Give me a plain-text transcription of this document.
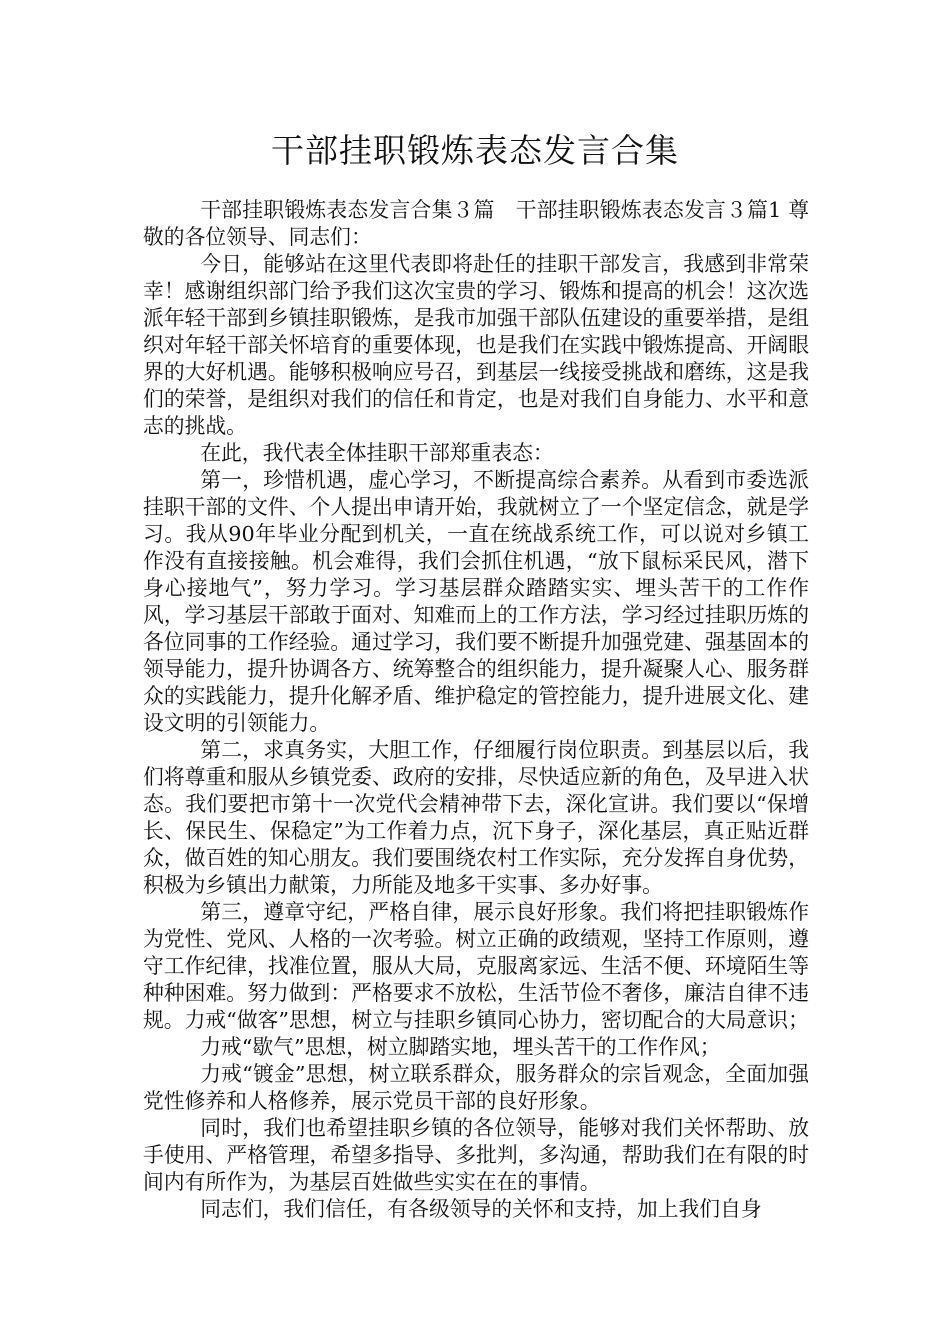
干部挂职锻炼表态发言合集

干部挂职锻炼表态发言合集３篇　干部挂职锻炼表态发言３篇1 尊敬的各位领导、同志们：

今日，能够站在这里代表即将赴任的挂职干部发言，我感到非常荣幸！感谢组织部门给予我们这次宝贵的学习、锻炼和提高的机会！这次选派年轻干部到乡镇挂职锻炼，是我市加强干部队伍建设的重要举措，是组织对年轻干部关怀培育的重要体现，也是我们在实践中锻炼提高、开阔眼界的大好机遇。能够积极响应号召，到基层一线接受挑战和磨练，这是我们的荣誉，是组织对我们的信任和肯定，也是对我们自身能力、水平和意志的挑战。

在此，我代表全体挂职干部郑重表态：

第一，珍惜机遇，虚心学习，不断提高综合素养。从看到市委选派挂职干部的文件、个人提出申请开始，我就树立了一个坚定信念，就是学习。我从90年毕业分配到机关，一直在统战系统工作，可以说对乡镇工作没有直接接触。机会难得，我们会抓住机遇，“放下鼠标采民风，潜下身心接地气”，努力学习。学习基层群众踏踏实实、埋头苦干的工作作风，学习基层干部敢于面对、知难而上的工作方法，学习经过挂职历炼的各位同事的工作经验。通过学习，我们要不断提升加强党建、强基固本的领导能力，提升协调各方、统筹整合的组织能力，提升凝聚人心、服务群众的实践能力，提升化解矛盾、维护稳定的管控能力，提升进展文化、建设文明的引领能力。

第二，求真务实，大胆工作，仔细履行岗位职责。到基层以后，我们将尊重和服从乡镇党委、政府的安排，尽快适应新的角色，及早进入状态。我们要把市第十一次党代会精神带下去，深化宣讲。我们要以“保增长、保民生、保稳定”为工作着力点，沉下身子，深化基层，真正贴近群众，做百姓的知心朋友。我们要围绕农村工作实际，充分发挥自身优势，积极为乡镇出力献策，力所能及地多干实事、多办好事。

第三，遵章守纪，严格自律，展示良好形象。我们将把挂职锻炼作为党性、党风、人格的一次考验。树立正确的政绩观，坚持工作原则，遵守工作纪律，找准位置，服从大局，克服离家远、生活不便、环境陌生等种种困难。努力做到：严格要求不放松，生活节俭不奢侈，廉洁自律不违规。力戒“做客”思想，树立与挂职乡镇同心协力，密切配合的大局意识；

力戒“歇气”思想，树立脚踏实地，埋头苦干的工作作风；

力戒“镀金”思想，树立联系群众，服务群众的宗旨观念，全面加强党性修养和人格修养，展示党员干部的良好形象。

同时，我们也希望挂职乡镇的各位领导，能够对我们关怀帮助、放手使用、严格管理，希望多指导、多批判，多沟通，帮助我们在有限的时间内有所作为，为基层百姓做些实实在在的事情。

同志们，我们信任，有各级领导的关怀和支持，加上我们自身
